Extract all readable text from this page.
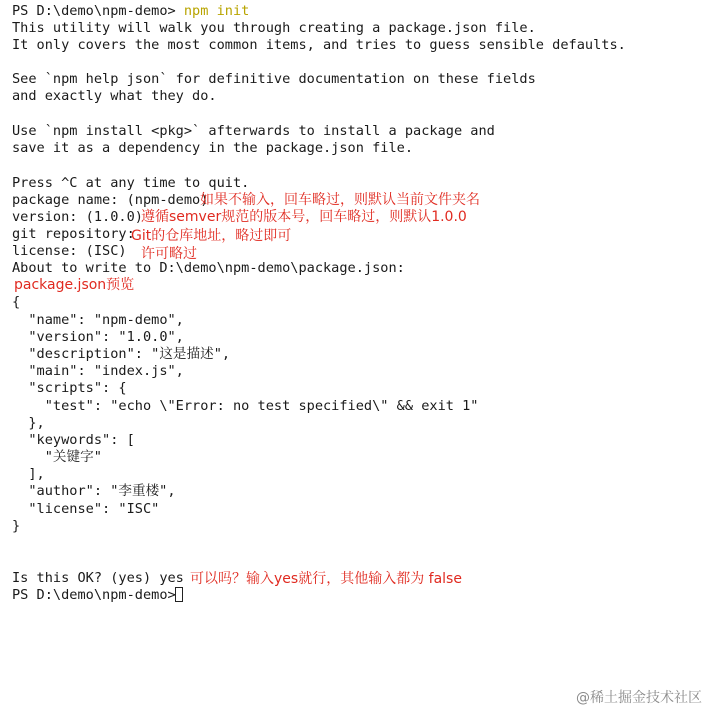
PS D:\demo\npm-demo> npm init
This utility will walk you through creating a package.json file.
It only covers the most common items, and tries to guess sensible defaults.
See `npm help json` for definitive documentation on these fields
and exactly what they do.
Use `npm install <pkg>` afterwards to install a package and
save it as a dependency in the package.json file.
Press ^C at any time to quit.
package name: (npm-demo)
version: (1.0.0)
git repository:
license: (ISC)
About to write to D:\demo\npm-demo\package.json:
{
"name": "npm-demo",
"version": "1.0.0",
"description": "这是描述",
"main": "index.js",
"scripts": {
"test": "echo \"Error: no test specified\" && exit 1"
},
"keywords": [
"关键字"
],
"author": "李重楼",
"license": "ISC"
}
Is this OK? (yes) yes
PS D:\demo\npm-demo>
如果不输入，回车略过，则默认当前文件夹名
遵循semver规范的版本号，回车略过，则默认1.0.0
Git的仓库地址，略过即可
许可略过
package.json预览
可以吗？输入yes就行，其他输入都为 false
@稀土掘金技术社区
